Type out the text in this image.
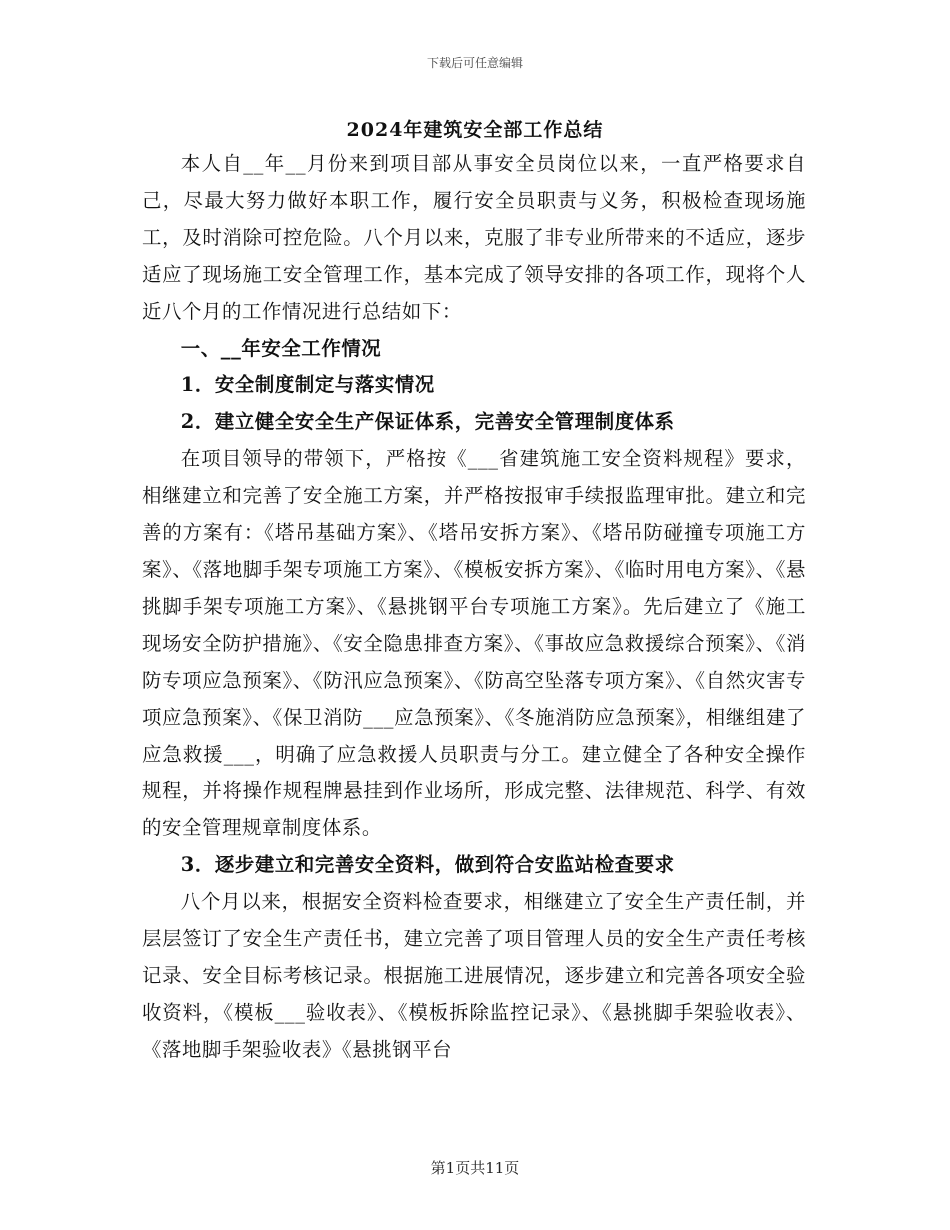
下载后可任意编辑
2024年建筑安全部工作总结

本人自__年__月份来到项目部从事安全员岗位以来，一直严格要求自己，尽最大努力做好本职工作，履行安全员职责与义务，积极检查现场施工，及时消除可控危险。八个月以来，克服了非专业所带来的不适应，逐步适应了现场施工安全管理工作，基本完成了领导安排的各项工作，现将个人近八个月的工作情况进行总结如下：

一、__年安全工作情况
1．安全制度制定与落实情况
2．建立健全安全生产保证体系，完善安全管理制度体系

在项目领导的带领下，严格按《___省建筑施工安全资料规程》要求，相继建立和完善了安全施工方案，并严格按报审手续报监理审批。建立和完善的方案有：《塔吊基础方案》、《塔吊安拆方案》、《塔吊防碰撞专项施工方案》、《落地脚手架专项施工方案》、《模板安拆方案》、《临时用电方案》、《悬挑脚手架专项施工方案》、《悬挑钢平台专项施工方案》。先后建立了《施工现场安全防护措施》、《安全隐患排查方案》、《事故应急救援综合预案》、《消防专项应急预案》、《防汛应急预案》、《防高空坠落专项方案》、《自然灾害专项应急预案》、《保卫消防___应急预案》、《冬施消防应急预案》，相继组建了应急救援___，明确了应急救援人员职责与分工。建立健全了各种安全操作规程，并将操作规程牌悬挂到作业场所，形成完整、法律规范、科学、有效的安全管理规章制度体系。

3．逐步建立和完善安全资料，做到符合安监站检查要求

八个月以来，根据安全资料检查要求，相继建立了安全生产责任制，并层层签订了安全生产责任书，建立完善了项目管理人员的安全生产责任考核记录、安全目标考核记录。根据施工进展情况，逐步建立和完善各项安全验收资料，《模板___验收表》、《模板拆除监控记录》、《悬挑脚手架验收表》、《落地脚手架验收表》《悬挑钢平台

第1页共11页
